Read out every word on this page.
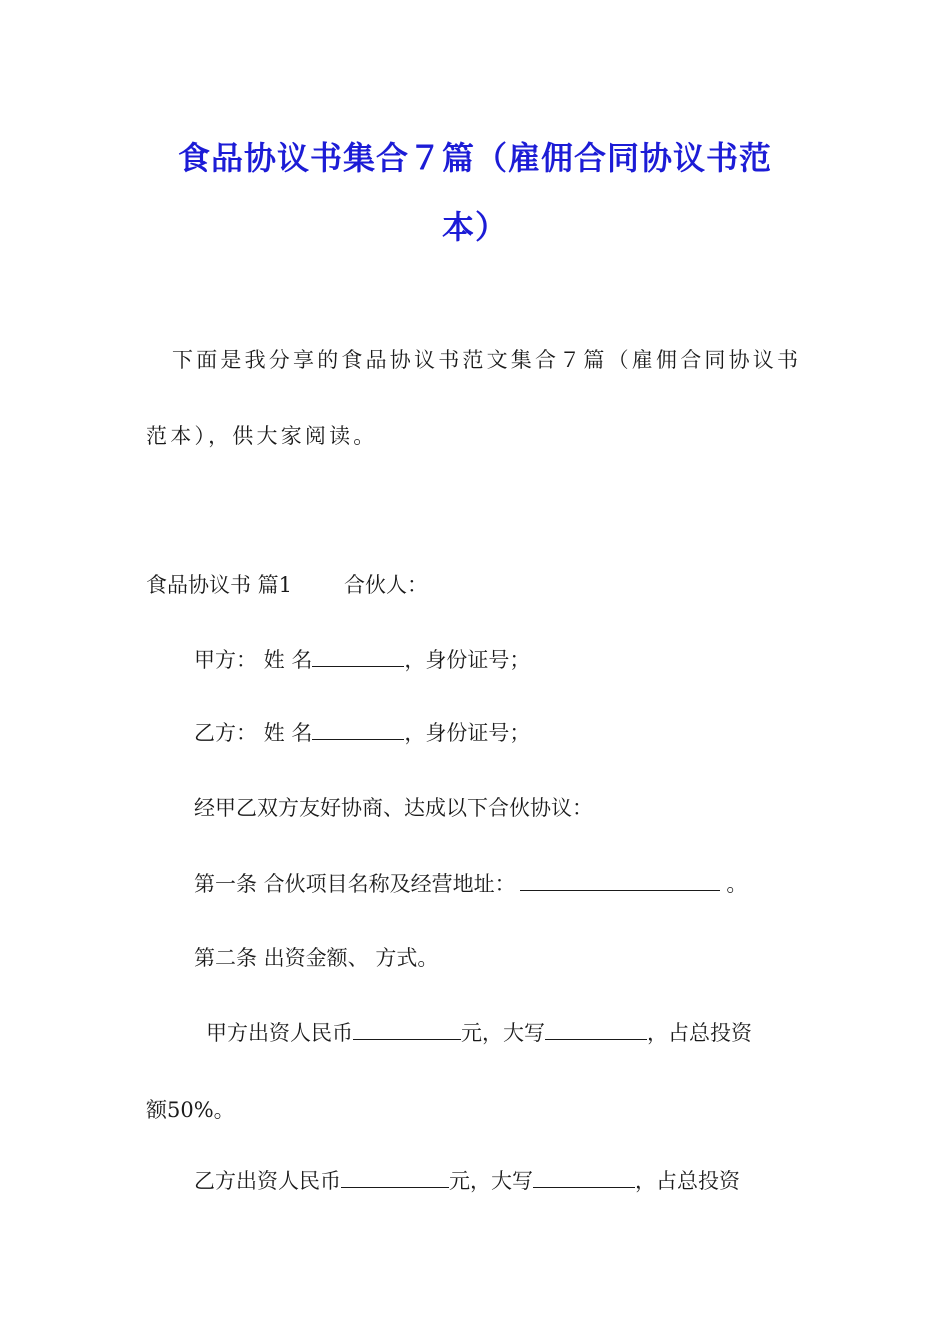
食品协议书集合７篇（雇佣合同协议书范
本）
下面是我分享的食品协议书范文集合７篇（雇佣合同协议书
范本），供大家阅读。
食品协议书 篇1 合伙人：
甲方： 姓 名	，身份证号；
乙方： 姓 名	，身份证号；
经甲乙双方友好协商、达成以下合伙协议：
第一条 合伙项目名称及经营地址：	。
第二条 出资金额、 方式。
甲方出资人民币	元，大写	，占总投资
额50%。
乙方出资人民币	元，大写	，占总投资
